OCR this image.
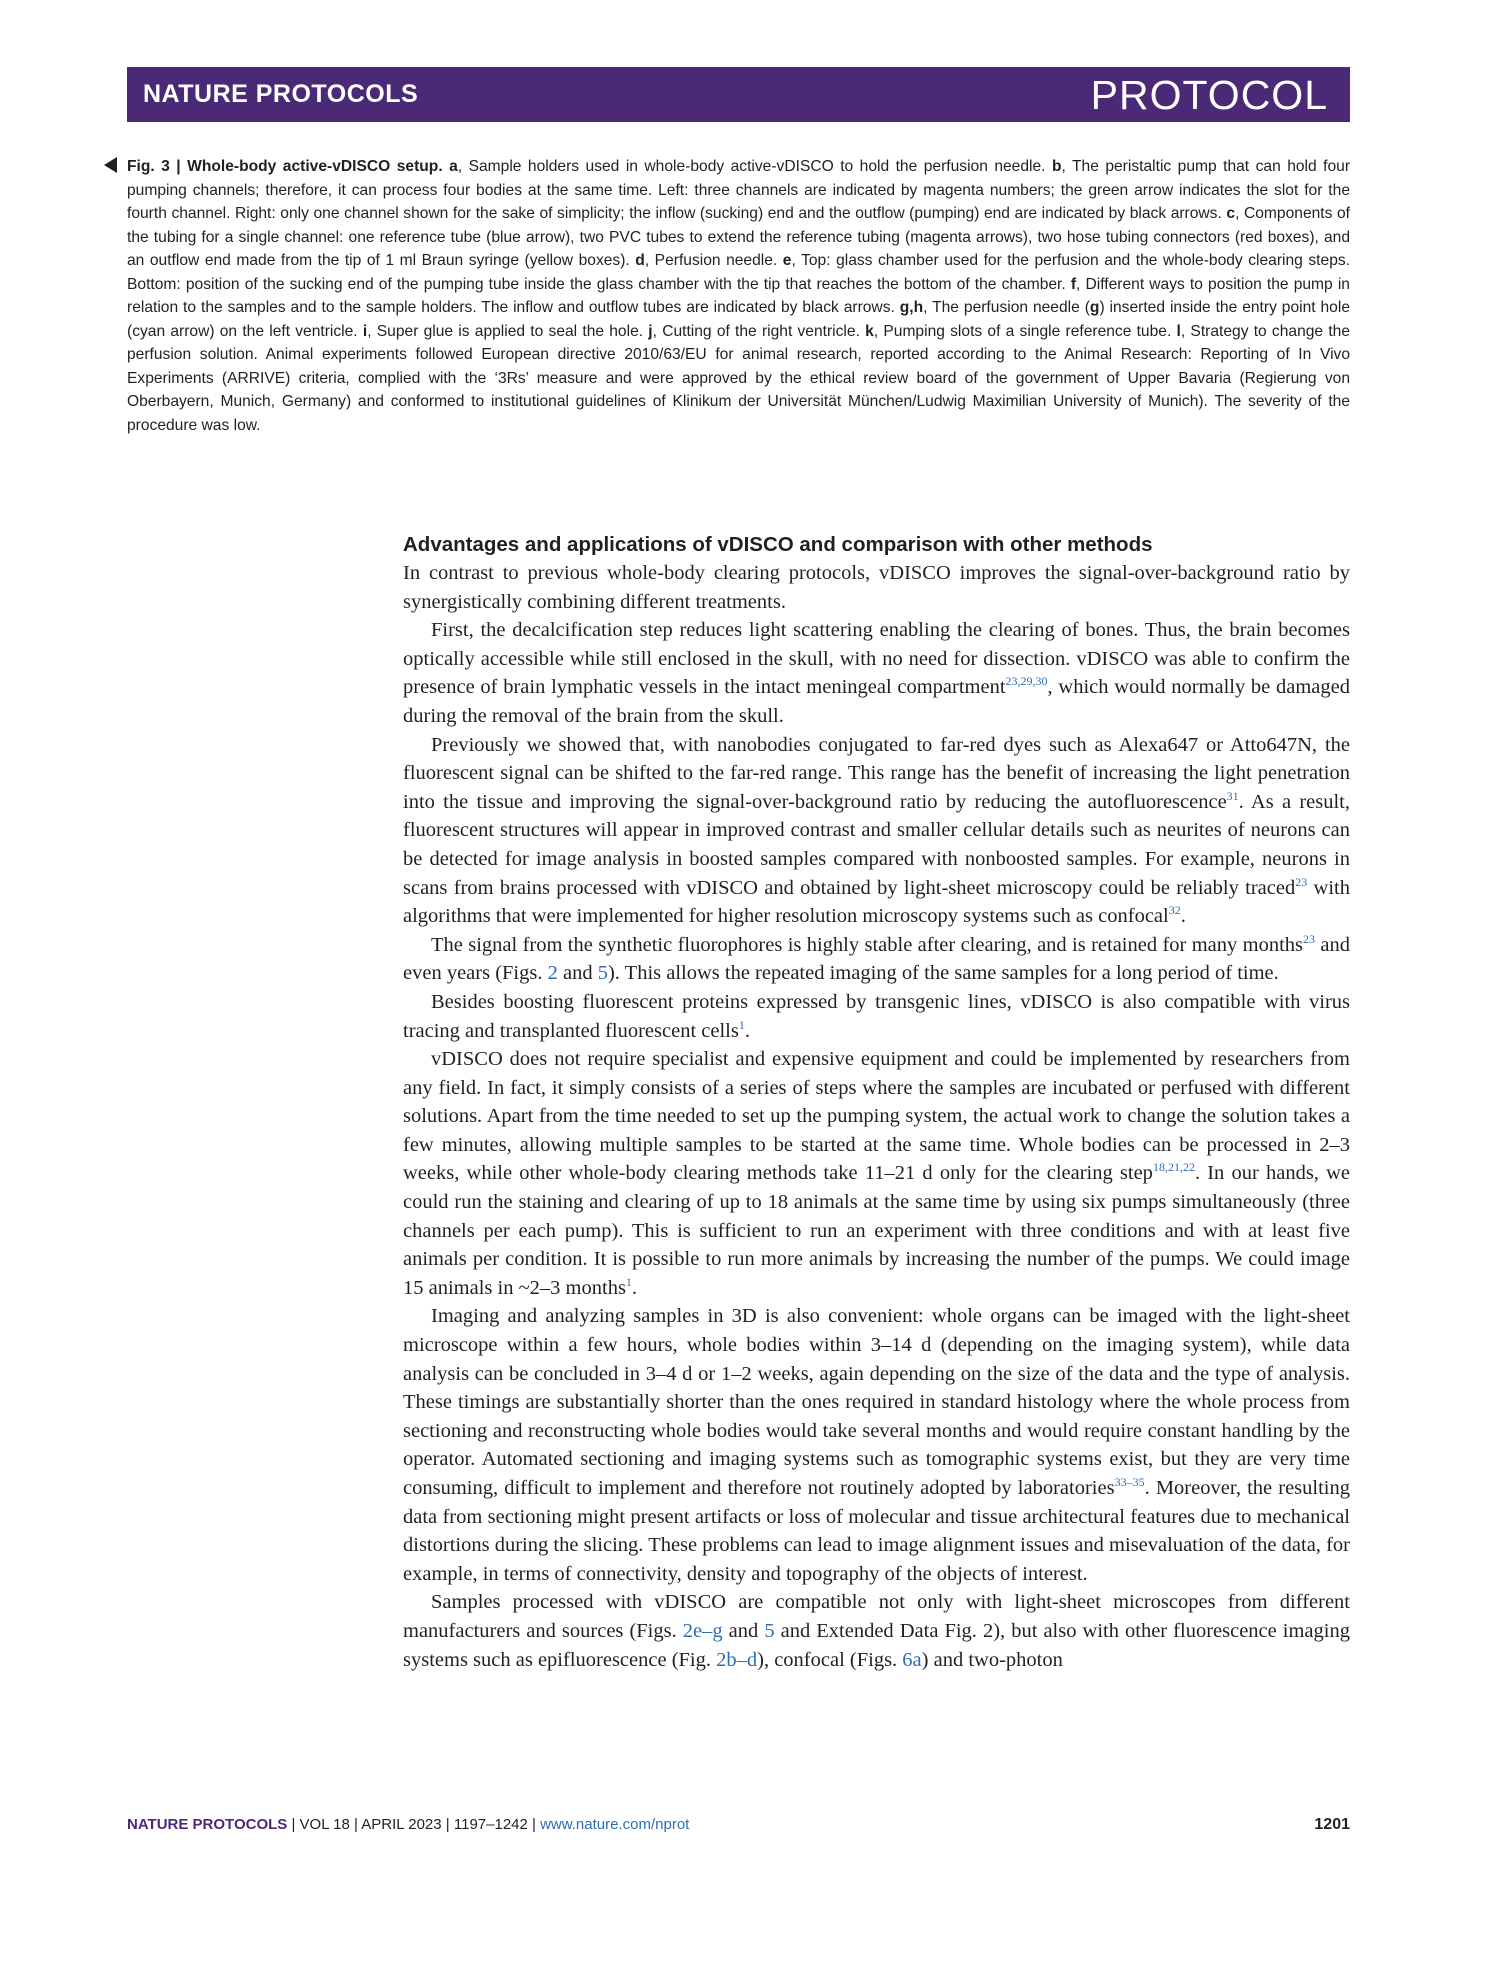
NATURE PROTOCOLS	PROTOCOL
Fig. 3 | Whole-body active-vDISCO setup. a, Sample holders used in whole-body active-vDISCO to hold the perfusion needle. b, The peristaltic pump that can hold four pumping channels; therefore, it can process four bodies at the same time. Left: three channels are indicated by magenta numbers; the green arrow indicates the slot for the fourth channel. Right: only one channel shown for the sake of simplicity; the inflow (sucking) end and the outflow (pumping) end are indicated by black arrows. c, Components of the tubing for a single channel: one reference tube (blue arrow), two PVC tubes to extend the reference tubing (magenta arrows), two hose tubing connectors (red boxes), and an outflow end made from the tip of 1 ml Braun syringe (yellow boxes). d, Perfusion needle. e, Top: glass chamber used for the perfusion and the whole-body clearing steps. Bottom: position of the sucking end of the pumping tube inside the glass chamber with the tip that reaches the bottom of the chamber. f, Different ways to position the pump in relation to the samples and to the sample holders. The inflow and outflow tubes are indicated by black arrows. g,h, The perfusion needle (g) inserted inside the entry point hole (cyan arrow) on the left ventricle. i, Super glue is applied to seal the hole. j, Cutting of the right ventricle. k, Pumping slots of a single reference tube. l, Strategy to change the perfusion solution. Animal experiments followed European directive 2010/63/EU for animal research, reported according to the Animal Research: Reporting of In Vivo Experiments (ARRIVE) criteria, complied with the ‘3Rs’ measure and were approved by the ethical review board of the government of Upper Bavaria (Regierung von Oberbayern, Munich, Germany) and conformed to institutional guidelines of Klinikum der Universität München/Ludwig Maximilian University of Munich). The severity of the procedure was low.
Advantages and applications of vDISCO and comparison with other methods

In contrast to previous whole-body clearing protocols, vDISCO improves the signal-over-background ratio by synergistically combining different treatments.

First, the decalcification step reduces light scattering enabling the clearing of bones. Thus, the brain becomes optically accessible while still enclosed in the skull, with no need for dissection. vDISCO was able to confirm the presence of brain lymphatic vessels in the intact meningeal compartment$^{23,29,30}$, which would normally be damaged during the removal of the brain from the skull.

Previously we showed that, with nanobodies conjugated to far-red dyes such as Alexa647 or Atto647N, the fluorescent signal can be shifted to the far-red range. This range has the benefit of increasing the light penetration into the tissue and improving the signal-over-background ratio by reducing the autofluorescence$^{31}$. As a result, fluorescent structures will appear in improved contrast and smaller cellular details such as neurites of neurons can be detected for image analysis in boosted samples compared with nonboosted samples. For example, neurons in scans from brains processed with vDISCO and obtained by light-sheet microscopy could be reliably traced$^{23}$ with algorithms that were implemented for higher resolution microscopy systems such as confocal$^{32}$.

The signal from the synthetic fluorophores is highly stable after clearing, and is retained for many months$^{23}$ and even years (Figs. 2 and 5). This allows the repeated imaging of the same samples for a long period of time.

Besides boosting fluorescent proteins expressed by transgenic lines, vDISCO is also compatible with virus tracing and transplanted fluorescent cells$^1$.

vDISCO does not require specialist and expensive equipment and could be implemented by researchers from any field. In fact, it simply consists of a series of steps where the samples are incubated or perfused with different solutions. Apart from the time needed to set up the pumping system, the actual work to change the solution takes a few minutes, allowing multiple samples to be started at the same time. Whole bodies can be processed in 2–3 weeks, while other whole-body clearing methods take 11–21 d only for the clearing step$^{18,21,22}$. In our hands, we could run the staining and clearing of up to 18 animals at the same time by using six pumps simultaneously (three channels per each pump). This is sufficient to run an experiment with three conditions and with at least five animals per condition. It is possible to run more animals by increasing the number of the pumps. We could image 15 animals in ~2–3 months$^1$.

Imaging and analyzing samples in 3D is also convenient: whole organs can be imaged with the light-sheet microscope within a few hours, whole bodies within 3–14 d (depending on the imaging system), while data analysis can be concluded in 3–4 d or 1–2 weeks, again depending on the size of the data and the type of analysis. These timings are substantially shorter than the ones required in standard histology where the whole process from sectioning and reconstructing whole bodies would take several months and would require constant handling by the operator. Automated sectioning and imaging systems such as tomographic systems exist, but they are very time consuming, difficult to implement and therefore not routinely adopted by laboratories$^{33-35}$. Moreover, the resulting data from sectioning might present artifacts or loss of molecular and tissue architectural features due to mechanical distortions during the slicing. These problems can lead to image alignment issues and misevaluation of the data, for example, in terms of connectivity, density and topography of the objects of interest.

Samples processed with vDISCO are compatible not only with light-sheet microscopes from different manufacturers and sources (Figs. 2e–g and 5 and Extended Data Fig. 2), but also with other fluorescence imaging systems such as epifluorescence (Fig. 2b–d), confocal (Figs. 6a) and two-photon

NATURE PROTOCOLS | VOL 18 | APRIL 2023 | 1197–1242 | www.nature.com/nprot	1201
